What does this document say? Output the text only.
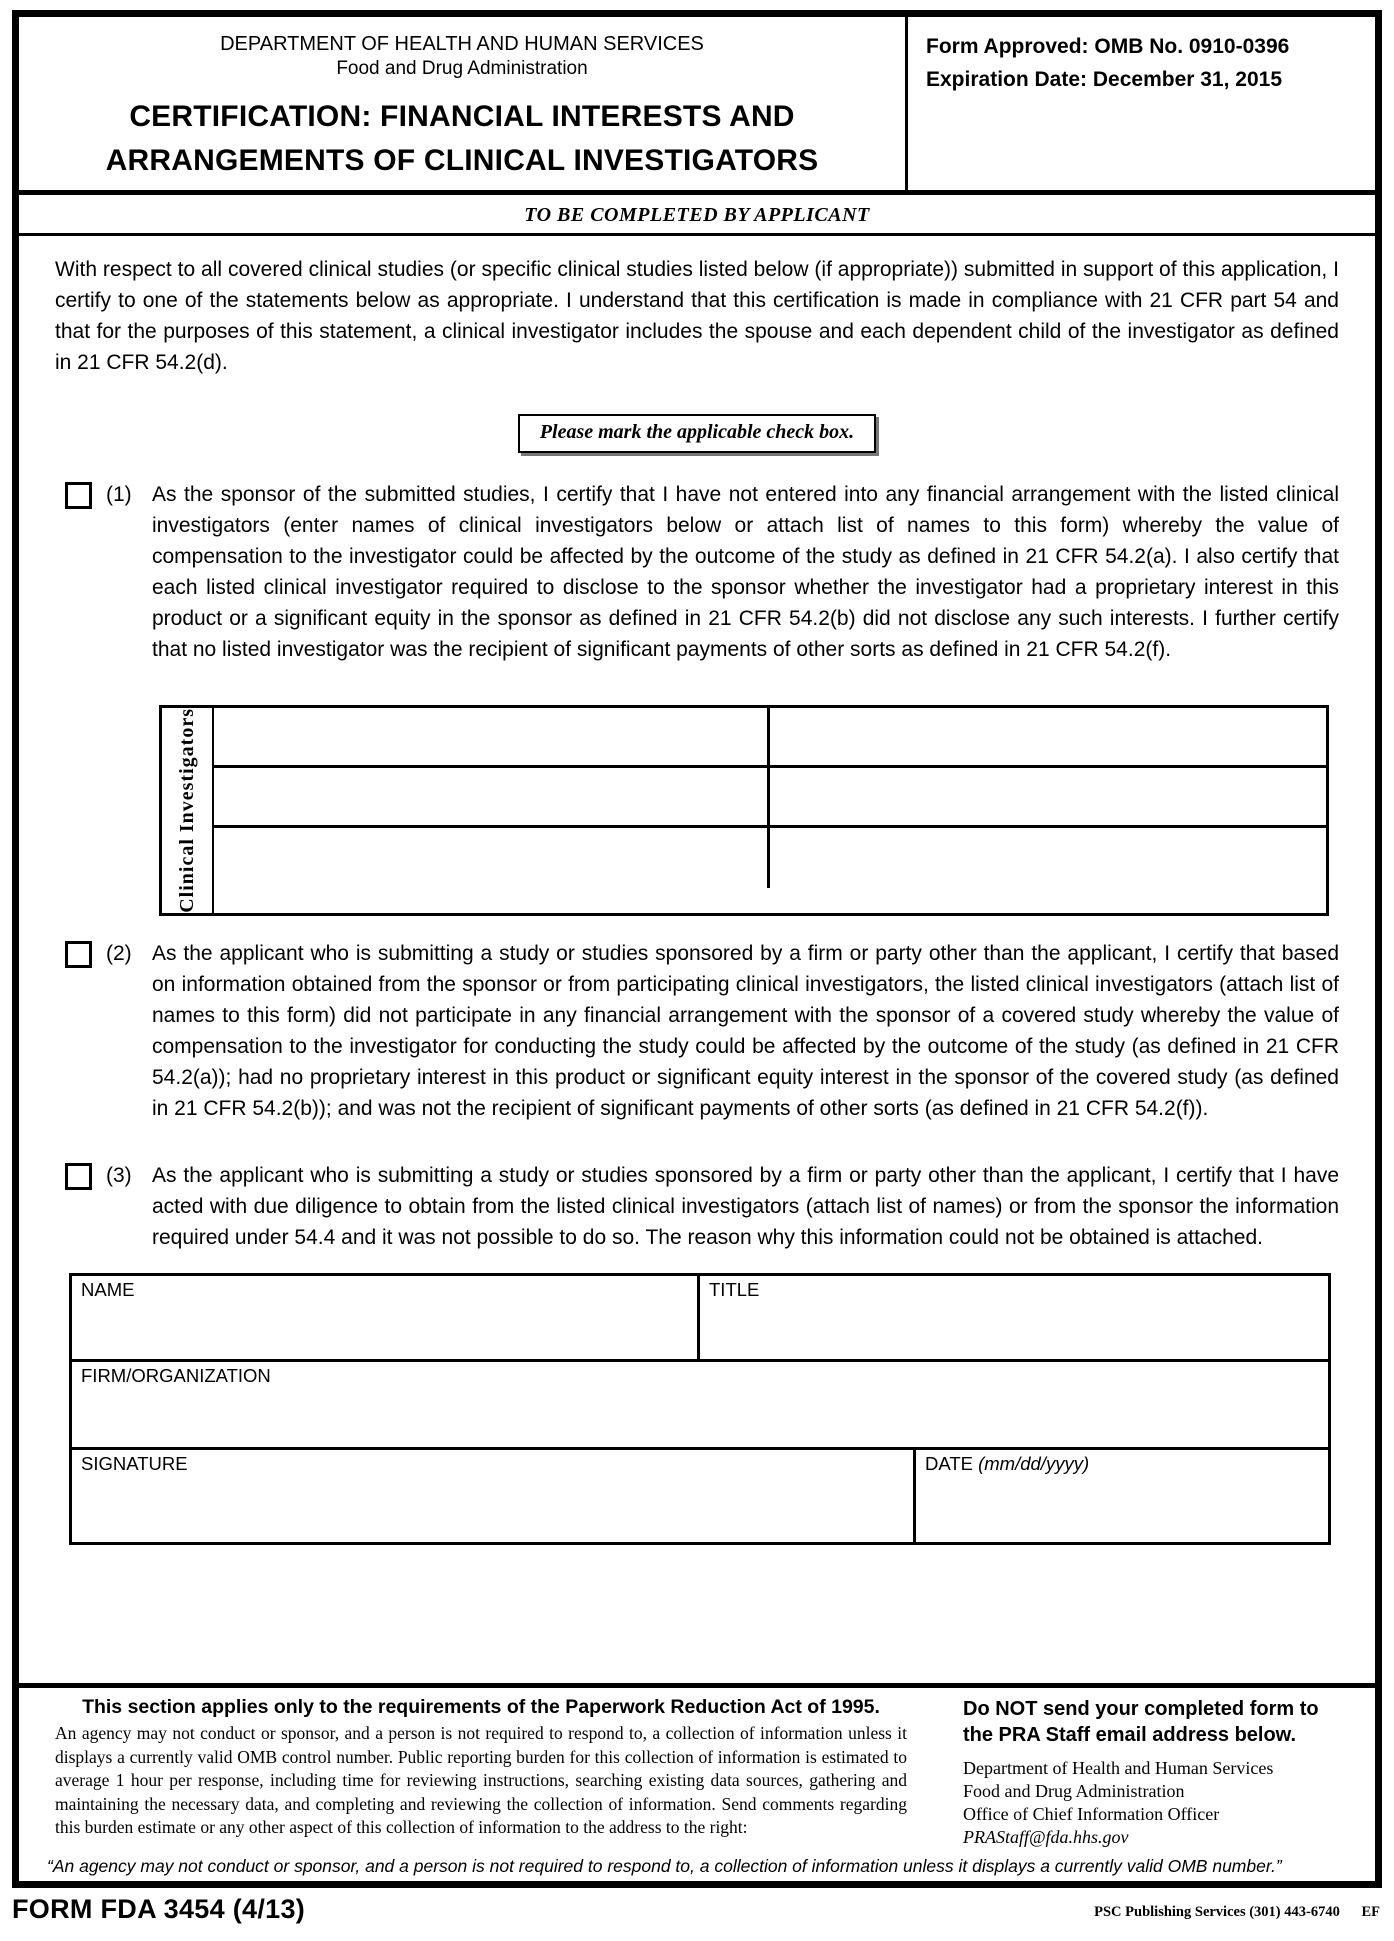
DEPARTMENT OF HEALTH AND HUMAN SERVICES
Food and Drug Administration
CERTIFICATION: FINANCIAL INTERESTS AND
ARRANGEMENTS OF CLINICAL INVESTIGATORS
Form Approved: OMB No. 0910-0396
Expiration Date: December 31, 2015
TO BE COMPLETED BY APPLICANT

With respect to all covered clinical studies (or specific clinical studies listed below (if appropriate)) submitted in support of this application, I certify to one of the statements below as appropriate. I understand that this certification is made in compliance with 21 CFR part 54 and that for the purposes of this statement, a clinical investigator includes the spouse and each dependent child of the investigator as defined in 21 CFR 54.2(d).

Please mark the applicable check box.
(1) As the sponsor of the submitted studies, I certify that I have not entered into any financial arrangement with the listed clinical investigators (enter names of clinical investigators below or attach list of names to this form) whereby the value of compensation to the investigator could be affected by the outcome of the study as defined in 21 CFR 54.2(a). I also certify that each listed clinical investigator required to disclose to the sponsor whether the investigator had a proprietary interest in this product or a significant equity in the sponsor as defined in 21 CFR 54.2(b) did not disclose any such interests. I further certify that no listed investigator was the recipient of significant payments of other sorts as defined in 21 CFR 54.2(f).

Clinical Investigators
(2) As the applicant who is submitting a study or studies sponsored by a firm or party other than the applicant, I certify that based on information obtained from the sponsor or from participating clinical investigators, the listed clinical investigators (attach list of names to this form) did not participate in any financial arrangement with the sponsor of a covered study whereby the value of compensation to the investigator for conducting the study could be affected by the outcome of the study (as defined in 21 CFR 54.2(a)); had no proprietary interest in this product or significant equity interest in the sponsor of the covered study (as defined in 21 CFR 54.2(b)); and was not the recipient of significant payments of other sorts (as defined in 21 CFR 54.2(f)).

(3) As the applicant who is submitting a study or studies sponsored by a firm or party other than the applicant, I certify that I have acted with due diligence to obtain from the listed clinical investigators (attach list of names) or from the sponsor the information required under 54.4 and it was not possible to do so. The reason why this information could not be obtained is attached.

NAME	TITLE
FIRM/ORGANIZATION
SIGNATURE	DATE (mm/dd/yyyy)
This section applies only to the requirements of the Paperwork Reduction Act of 1995.

An agency may not conduct or sponsor, and a person is not required to respond to, a collection of information unless it displays a currently valid OMB control number. Public reporting burden for this collection of information is estimated to average 1 hour per response, including time for reviewing instructions, searching existing data sources, gathering and maintaining the necessary data, and completing and reviewing the collection of information. Send comments regarding this burden estimate or any other aspect of this collection of information to the address to the right:

Do NOT send your completed form to the PRA Staff email address below.
Department of Health and Human Services
Food and Drug Administration
Office of Chief Information Officer
PRAStaff@fda.hhs.gov
“An agency may not conduct or sponsor, and a person is not required to respond to, a collection of information unless it displays a currently valid OMB number.”
FORM FDA 3454 (4/13)	PSC Publishing Services (301) 443-6740 EF
